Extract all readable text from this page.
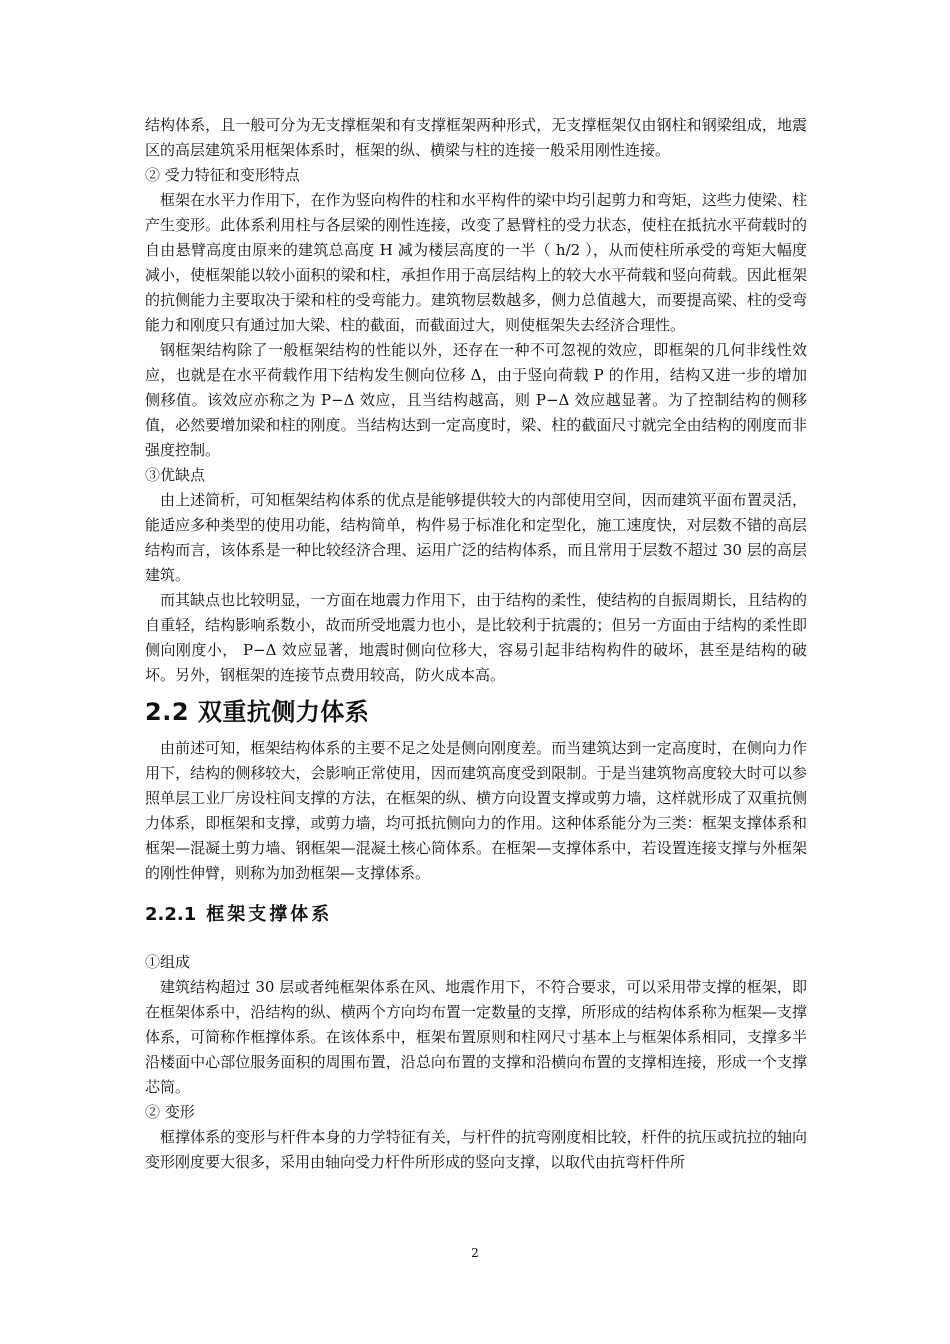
结构体系，且一般可分为无支撑框架和有支撑框架两种形式，无支撑框架仅由钢柱和钢梁组成，地震区的高层建筑采用框架体系时，框架的纵、横梁与柱的连接一般采用刚性连接。

② 受力特征和变形特点

框架在水平力作用下，在作为竖向构件的柱和水平构件的梁中均引起剪力和弯矩，这些力使梁、柱产生变形。此体系利用柱与各层梁的刚性连接，改变了悬臂柱的受力状态，使柱在抵抗水平荷载时的自由悬臂高度由原来的建筑总高度 H 减为楼层高度的一半（ h/2 ），从而使柱所承受的弯矩大幅度减小，使框架能以较小面积的梁和柱，承担作用于高层结构上的较大水平荷载和竖向荷载。因此框架的抗侧能力主要取决于梁和柱的受弯能力。建筑物层数越多，侧力总值越大，而要提高梁、柱的受弯能力和刚度只有通过加大梁、柱的截面，而截面过大，则使框架失去经济合理性。

钢框架结构除了一般框架结构的性能以外，还存在一种不可忽视的效应，即框架的几何非线性效应，也就是在水平荷载作用下结构发生侧向位移 Δ，由于竖向荷载 P 的作用，结构又进一步的增加侧移值。该效应亦称之为 P−Δ 效应，且当结构越高，则 P−Δ 效应越显著。为了控制结构的侧移值，必然要增加梁和柱的刚度。当结构达到一定高度时，梁、柱的截面尺寸就完全由结构的刚度而非强度控制。

③优缺点

由上述简析，可知框架结构体系的优点是能够提供较大的内部使用空间，因而建筑平面布置灵活，能适应多种类型的使用功能，结构简单，构件易于标准化和定型化，施工速度快，对层数不错的高层结构而言，该体系是一种比较经济合理、运用广泛的结构体系，而且常用于层数不超过 30 层的高层建筑。

而其缺点也比较明显，一方面在地震力作用下，由于结构的柔性，使结构的自振周期长，且结构的自重轻，结构影响系数小，故而所受地震力也小，是比较利于抗震的；但另一方面由于结构的柔性即侧向刚度小， P−Δ 效应显著，地震时侧向位移大，容易引起非结构构件的破坏，甚至是结构的破坏。另外，钢框架的连接节点费用较高，防火成本高。

2.2 双重抗侧力体系

由前述可知，框架结构体系的主要不足之处是侧向刚度差。而当建筑达到一定高度时，在侧向力作用下，结构的侧移较大，会影响正常使用，因而建筑高度受到限制。于是当建筑物高度较大时可以参照单层工业厂房设柱间支撑的方法，在框架的纵、横方向设置支撑或剪力墙，这样就形成了双重抗侧力体系，即框架和支撑，或剪力墙，均可抵抗侧向力的作用。这种体系能分为三类：框架支撑体系和框架—混凝土剪力墙、钢框架—混凝土核心筒体系。在框架—支撑体系中，若设置连接支撑与外框架的刚性伸臂，则称为加劲框架—支撑体系。

2.2.1 框架支撑体系

①组成

建筑结构超过 30 层或者纯框架体系在风、地震作用下，不符合要求，可以采用带支撑的框架，即在框架体系中，沿结构的纵、横两个方向均布置一定数量的支撑，所形成的结构体系称为框架—支撑体系，可简称作框撑体系。在该体系中，框架布置原则和柱网尺寸基本上与框架体系相同，支撑多半沿楼面中心部位服务面积的周围布置，沿总向布置的支撑和沿横向布置的支撑相连接，形成一个支撑芯筒。

② 变形

框撑体系的变形与杆件本身的力学特征有关，与杆件的抗弯刚度相比较，杆件的抗压或抗拉的轴向变形刚度要大很多，采用由轴向受力杆件所形成的竖向支撑，以取代由抗弯杆件所

2
